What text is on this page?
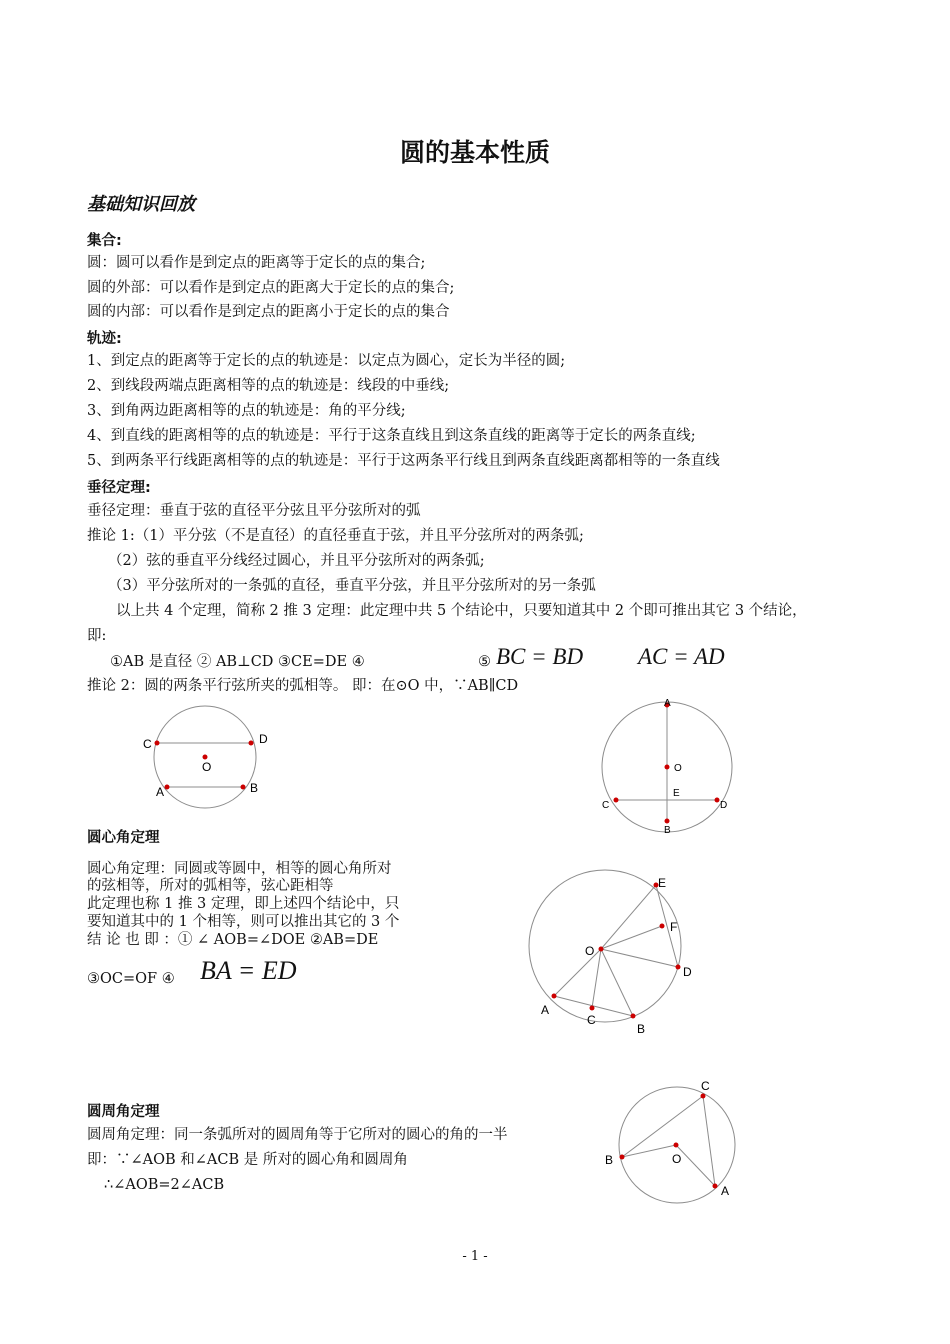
圆的基本性质
基础知识回放
集合:
圆：圆可以看作是到定点的距离等于定长的点的集合;
圆的外部：可以看作是到定点的距离大于定长的点的集合;
圆的内部：可以看作是到定点的距离小于定长的点的集合
轨迹:
1、到定点的距离等于定长的点的轨迹是：以定点为圆心，定长为半径的圆;
2、到线段两端点距离相等的点的轨迹是：线段的中垂线;
3、到角两边距离相等的点的轨迹是：角的平分线;
4、到直线的距离相等的点的轨迹是：平行于这条直线且到这条直线的距离等于定长的两条直线;
5、到两条平行线距离相等的点的轨迹是：平行于这两条平行线且到两条直线距离都相等的一条直线
垂径定理:
垂径定理：垂直于弦的直径平分弦且平分弦所对的弧
推论 1:（1）平分弦（不是直径）的直径垂直于弦，并且平分弦所对的两条弧;
（2）弦的垂直平分线经过圆心，并且平分弦所对的两条弧;
（3）平分弦所对的一条弧的直径，垂直平分弦，并且平分弦所对的另一条弧
以上共 4 个定理，简称 2 推 3 定理：此定理中共 5 个结论中，只要知道其中 2 个即可推出其它 3 个结论，
即:
①AB 是直径 ② AB⊥CD ③CE=DE ④	⑤ BC = BD AC = AD
推论 2：圆的两条平行弦所夹的弧相等。 即：在⊙O 中，∵AB∥CD
C	D
O
A	B
A
O
E
C	D
B
圆心角定理
圆心角定理：同圆或等圆中，相等的圆心角所对
的弦相等，所对的弧相等，弦心距相等
此定理也称 1 推 3 定理，即上述四个结论中，只
要知道其中的 1 个相等，则可以推出其它的 3 个
结 论 也 即 ：① ∠ AOB=∠DOE ②AB=DE
③OC=OF ④ BA = ED
E
F
O
D
A
C
B
圆周角定理
圆周角定理：同一条弧所对的圆周角等于它所对的圆心的角的一半
即：∵∠AOB 和∠ACB 是 所对的圆心角和圆周角
∴∠AOB=2∠ACB
C
B	O
A
- 1 -
